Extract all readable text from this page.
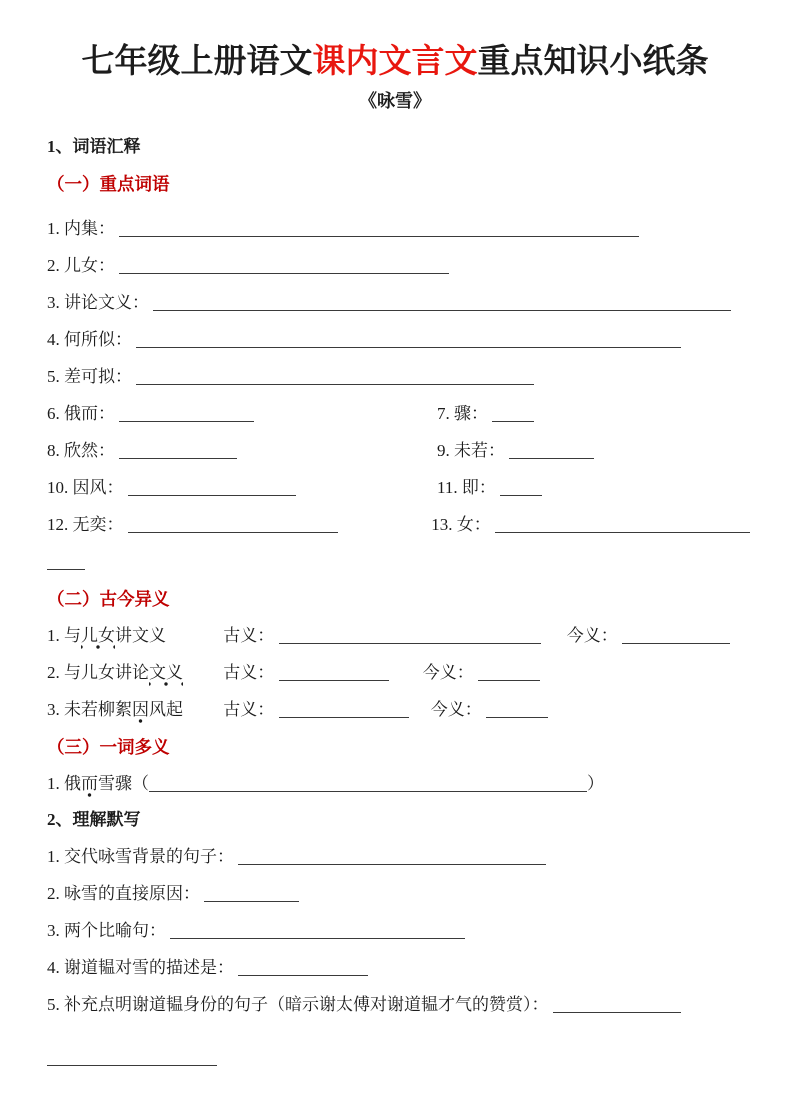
七年级上册语文课内文言文重点知识小纸条
《咏雪》
1、词语汇释
（一）重点词语
1. 内集：
2. 儿女：
3. 讲论文义：
4. 何所似：
5. 差可拟：
6. 俄而：	7. 骤：
8. 欣然：	9. 未若：
10. 因风：	11. 即：
12. 无奕：	13. 女：
（二）古今异义
1. 与儿女讲文义	古义：	今义：
2. 与儿女讲论文义 古义：	今义：
3. 未若柳絮因风起 古义：	今义：
（三）一词多义
1. 俄而雪骤（	）
2、理解默写
1. 交代咏雪背景的句子：
2. 咏雪的直接原因：
3. 两个比喻句：
4. 谢道韫对雪的描述是：
5. 补充点明谢道韫身份的句子（暗示谢太傅对谢道韫才气的赞赏）：
